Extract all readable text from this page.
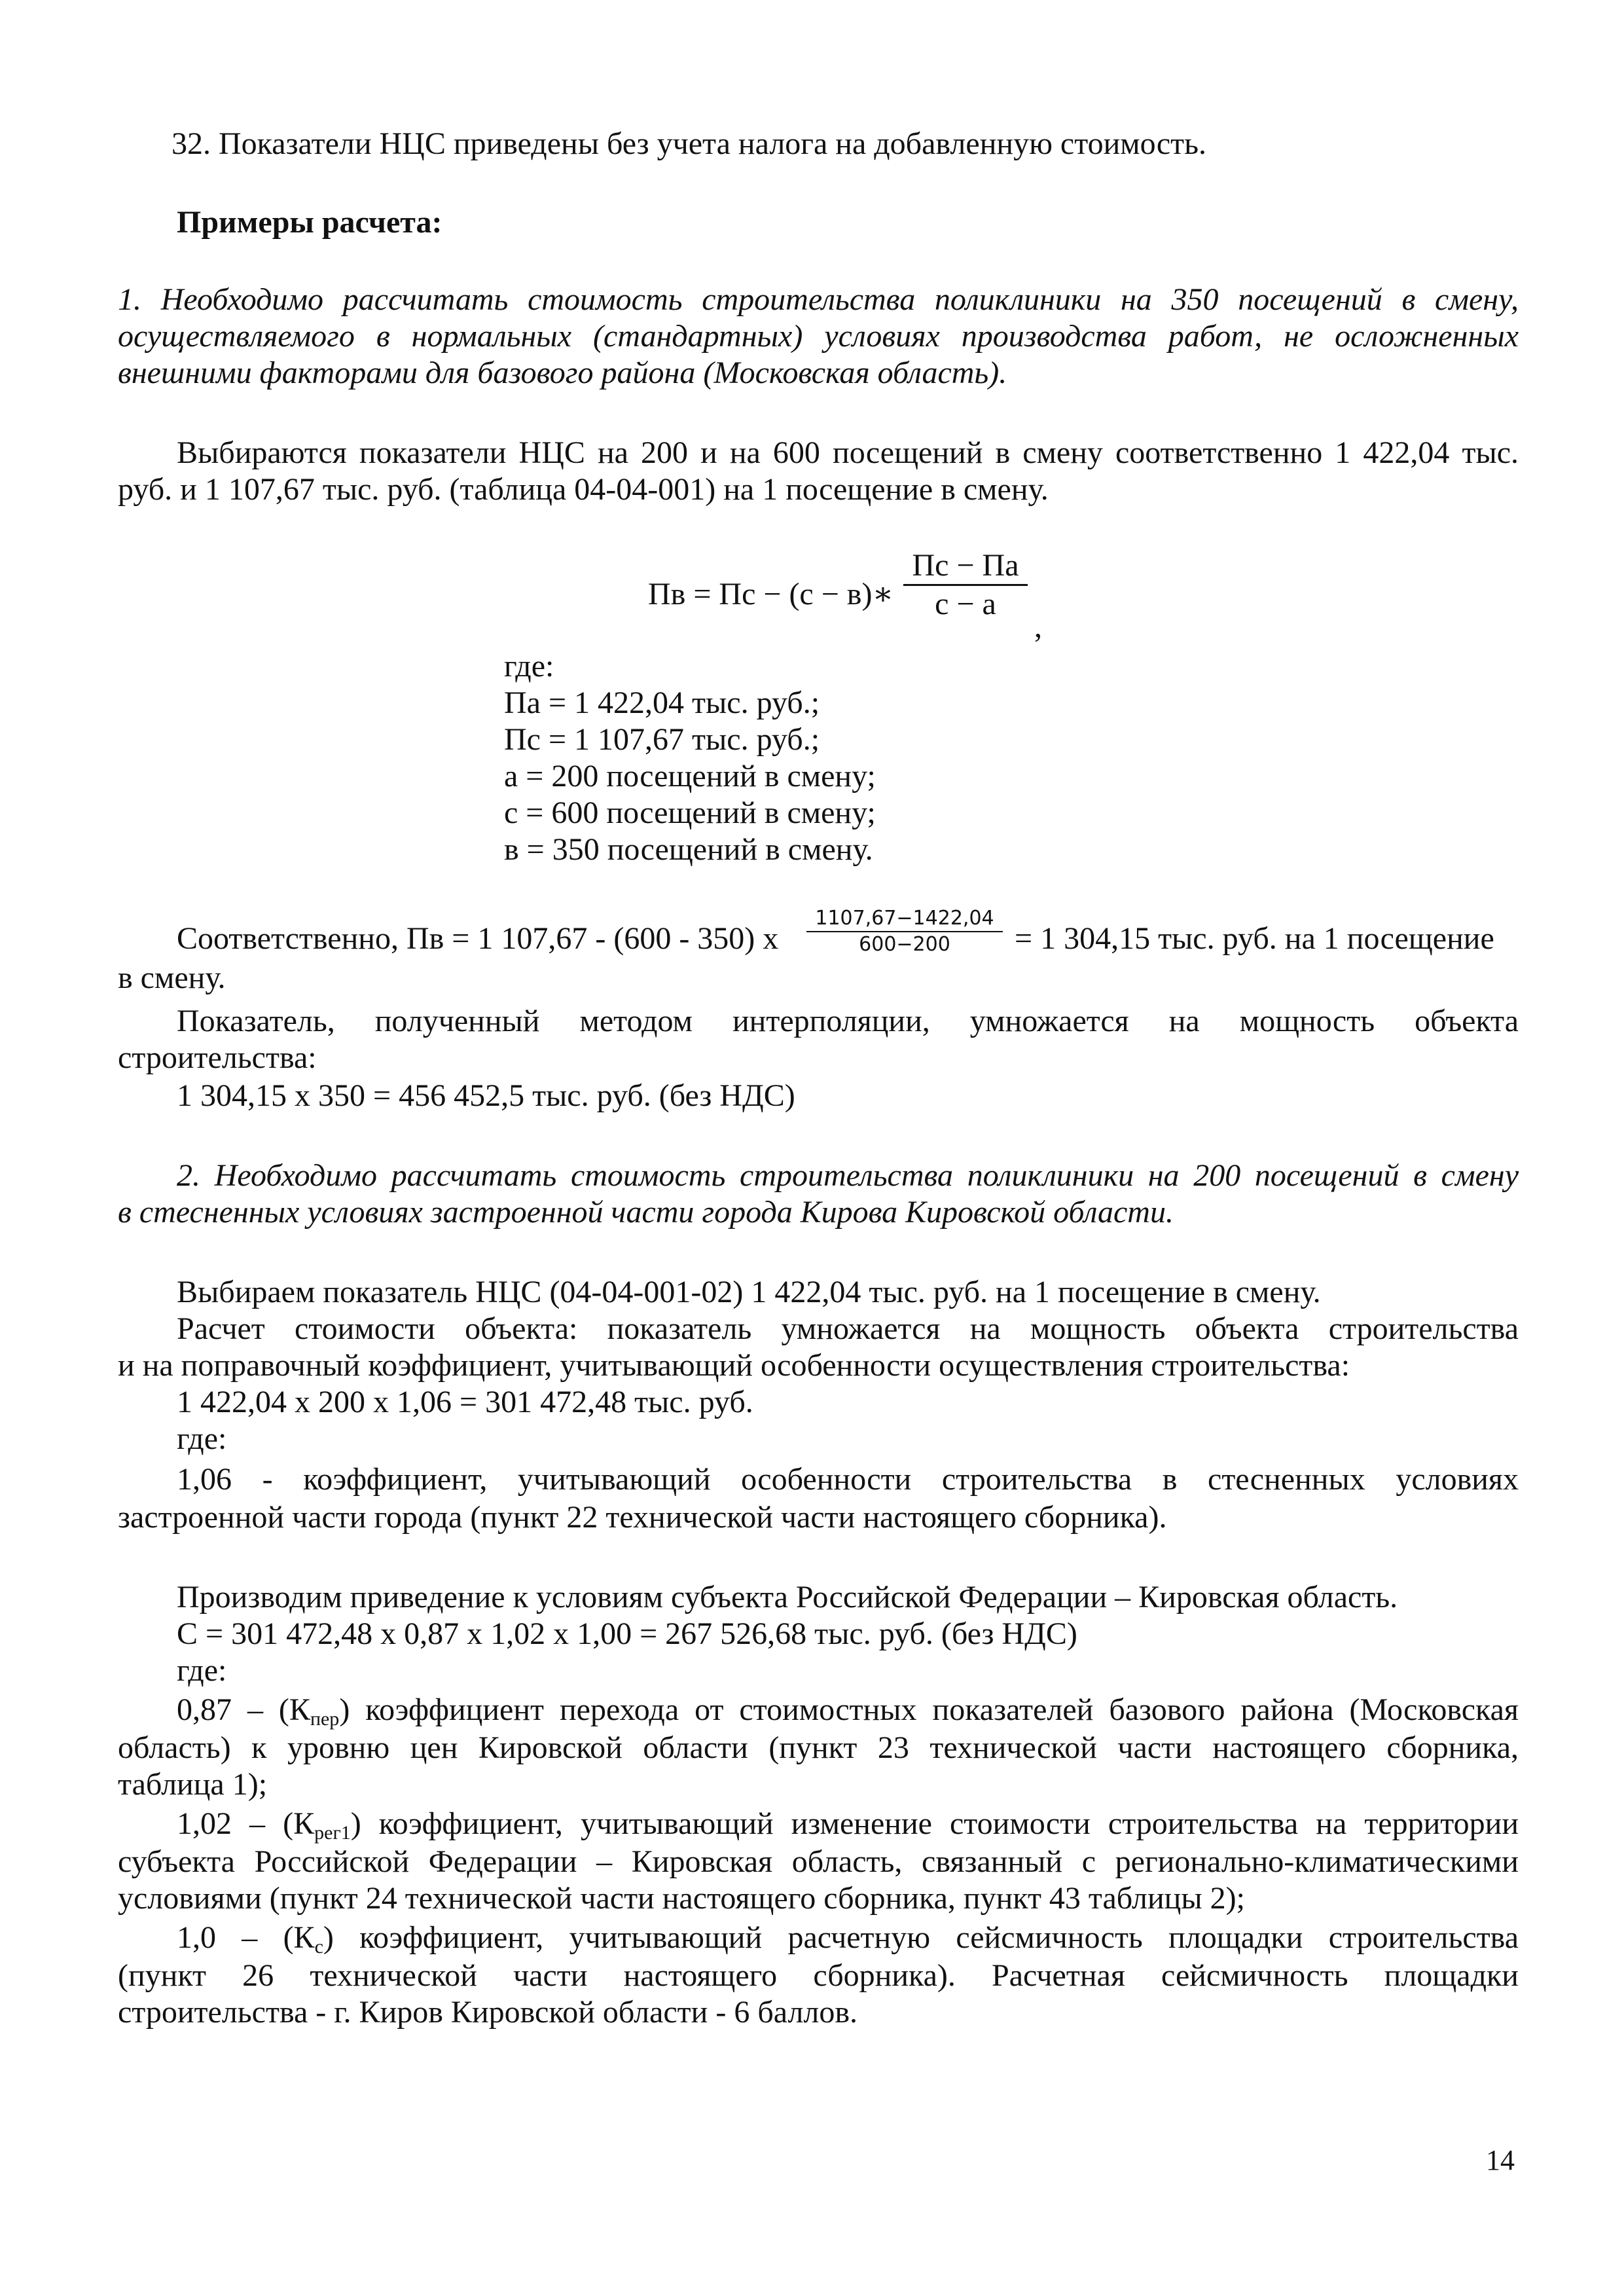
32. Показатели НЦС приведены без учета налога на добавленную стоимость.
Примеры расчета:
1. Необходимо рассчитать стоимость строительства поликлиники на 350 посещений в смену,
осуществляемого в нормальных (стандартных) условиях производства работ, не осложненных
внешними факторами для базового района (Московская область).
Выбираются показатели НЦС на 200 и на 600 посещений в смену соответственно 1 422,04 тыс.
руб. и 1 107,67 тыс. руб. (таблица 04-04-001) на 1 посещение в смену.
Пв = Пс − (с − в)∗
Пс − Па
с − а
,
где:
Па = 1 422,04 тыс. руб.;
Пс = 1 107,67 тыс. руб.;
а = 200 посещений в смену;
с = 600 посещений в смену;
в = 350 посещений в смену.
Соответственно, Пв = 1 107,67 - (600 - 350) х
1107,67−1422,04
600−200	= 1 304,15 тыс. руб. на 1 посещение
в смену.
Показатель, полученный методом интерполяции, умножается на мощность объекта
строительства:
1 304,15 х 350 = 456 452,5 тыс. руб. (без НДС)
2. Необходимо рассчитать стоимость строительства поликлиники на 200 посещений в смену
в стесненных условиях застроенной части города Кирова Кировской области.
Выбираем показатель НЦС (04-04-001-02) 1 422,04 тыс. руб. на 1 посещение в смену.
Расчет стоимости объекта: показатель умножается на мощность объекта строительства
и на поправочный коэффициент, учитывающий особенности осуществления строительства:
1 422,04 х 200 х 1,06 = 301 472,48 тыс. руб.
где:
1,06 - коэффициент, учитывающий особенности строительства в стесненных условиях
застроенной части города (пункт 22 технической части настоящего сборника).
Производим приведение к условиям субъекта Российской Федерации – Кировская область.
С = 301 472,48 х 0,87 х 1,02 х 1,00 = 267 526,68 тыс. руб. (без НДС)
где:
$0,87 - (К_{пер})$ коэффициент перехода от стоимостных показателей базового района (Московская
область) к уровню цен Кировской области (пункт 23 технической части настоящего сборника,
таблица 1);
$1,02 - (К_{рег1})$ коэффициент, учитывающий изменение стоимости строительства на территории
субъекта Российской Федерации – Кировская область, связанный с регионально-климатическими
условиями (пункт 24 технической части настоящего сборника, пункт 43 таблицы 2);
$1,0 - (К_с)$ коэффициент, учитывающий расчетную сейсмичность площадки строительства
(пункт 26 технической части настоящего сборника). Расчетная сейсмичность площадки
строительства - г. Киров Кировской области - 6 баллов.
14
